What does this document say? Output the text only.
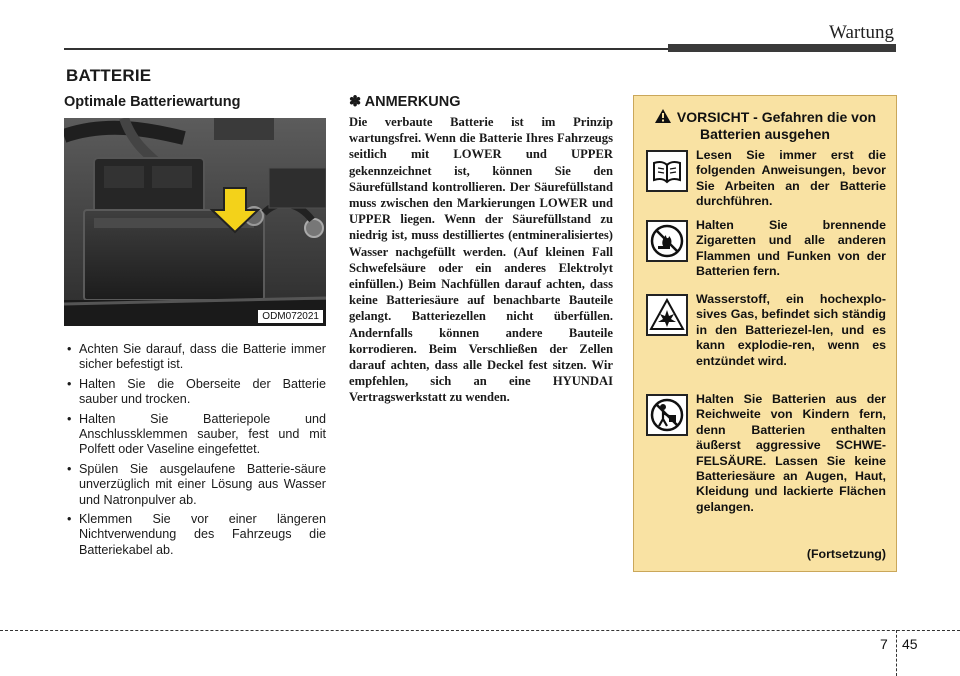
Wartung
BATTERIE
Optimale Batteriewartung
ODM072021
• Achten Sie darauf, dass die Batterie immer sicher befestigt ist.
• Halten Sie die Oberseite der Batterie sauber und trocken.
• Halten Sie Batteriepole und Anschlussklemmen sauber, fest und mit Polfett oder Vaseline eingefettet.
• Spülen Sie ausgelaufene Batterie-säure unverzüglich mit einer Lösung aus Wasser und Natronpulver ab.
• Klemmen Sie vor einer längeren Nichtverwendung des Fahrzeugs die Batteriekabel ab.
✽ ANMERKUNG
Die verbaute Batterie ist im Prinzip wartungsfrei. Wenn die Batterie Ihres Fahrzeugs seitlich mit LOWER und UPPER gekennzeichnet ist, können Sie den Säurefüllstand kontrollieren. Der Säurefüllstand muss zwischen den Markierungen LOWER und UPPER liegen. Wenn der Säurefüllstand zu niedrig ist, muss destilliertes (entmineralisiertes) Wasser nachgefüllt werden. (Auf kleinen Fall Schwefelsäure oder ein anderes Elektrolyt einfüllen.) Beim Nachfüllen darauf achten, dass keine Batteriesäure auf benachbarte Bauteile gelangt. Batteriezellen nicht überfüllen. Andernfalls können andere Bauteile korrodieren. Beim Verschließen der Zellen darauf achten, dass alle Deckel fest sitzen. Wir empfehlen, sich an eine HYUNDAI Vertragswerkstatt zu wenden.
VORSICHT - Gefahren die von Batterien ausgehen
Lesen Sie immer erst die folgenden Anweisungen, bevor Sie Arbeiten an der Batterie durchführen.
Halten Sie brennende Zigaretten und alle anderen Flammen und Funken von der Batterien fern.
Wasserstoff, ein hochexplo-sives Gas, befindet sich ständig in den Batteriezel-len, und es kann explodie-ren, wenn es entzündet wird.
Halten Sie Batterien aus der Reichweite von Kindern fern, denn Batterien enthalten äußerst aggressive SCHWE-FELSÄURE. Lassen Sie keine Batteriesäure an Augen, Haut, Kleidung und lackierte Flächen gelangen.
(Fortsetzung)
7 45
